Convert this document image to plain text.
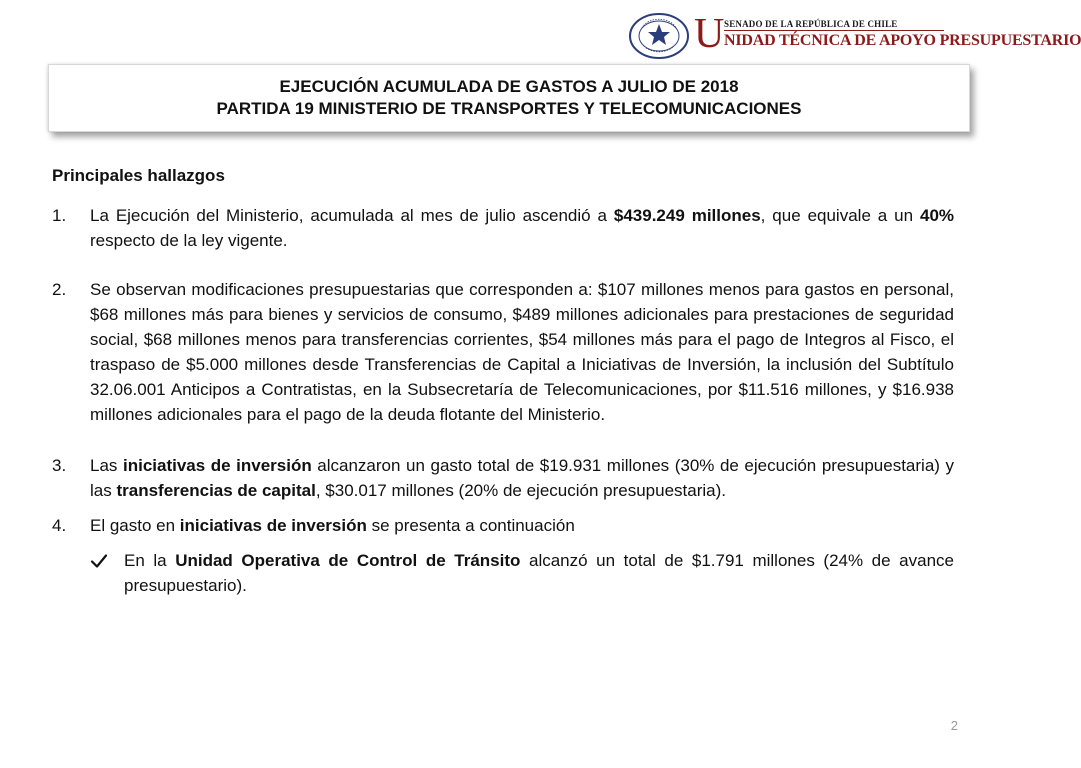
U SENADO DE LA REPÚBLICA DE CHILE
NIDAD TÉCNICA DE APOYO PRESUPUESTARIO
EJECUCIÓN ACUMULADA DE GASTOS A JULIO DE 2018
PARTIDA 19 MINISTERIO DE TRANSPORTES Y TELECOMUNICACIONES
Principales hallazgos
1. La Ejecución del Ministerio, acumulada al mes de julio ascendió a $439.249 millones, que equivale a un 40% respecto de la ley vigente.
2. Se observan modificaciones presupuestarias que corresponden a: $107 millones menos para gastos en personal, $68 millones más para bienes y servicios de consumo, $489 millones adicionales para prestaciones de seguridad social, $68 millones menos para transferencias corrientes, $54 millones más para el pago de Integros al Fisco, el traspaso de $5.000 millones desde Transferencias de Capital a Iniciativas de Inversión, la inclusión del Subtítulo 32.06.001 Anticipos a Contratistas, en la Subsecretaría de Telecomunicaciones, por $11.516 millones, y $16.938 millones adicionales para el pago de la deuda flotante del Ministerio.
3. Las iniciativas de inversión alcanzaron un gasto total de $19.931 millones (30% de ejecución presupuestaria) y las transferencias de capital, $30.017 millones (20% de ejecución presupuestaria).
4. El gasto en iniciativas de inversión se presenta a continuación
En la Unidad Operativa de Control de Tránsito alcanzó un total de $1.791 millones (24% de avance presupuestario).
2
